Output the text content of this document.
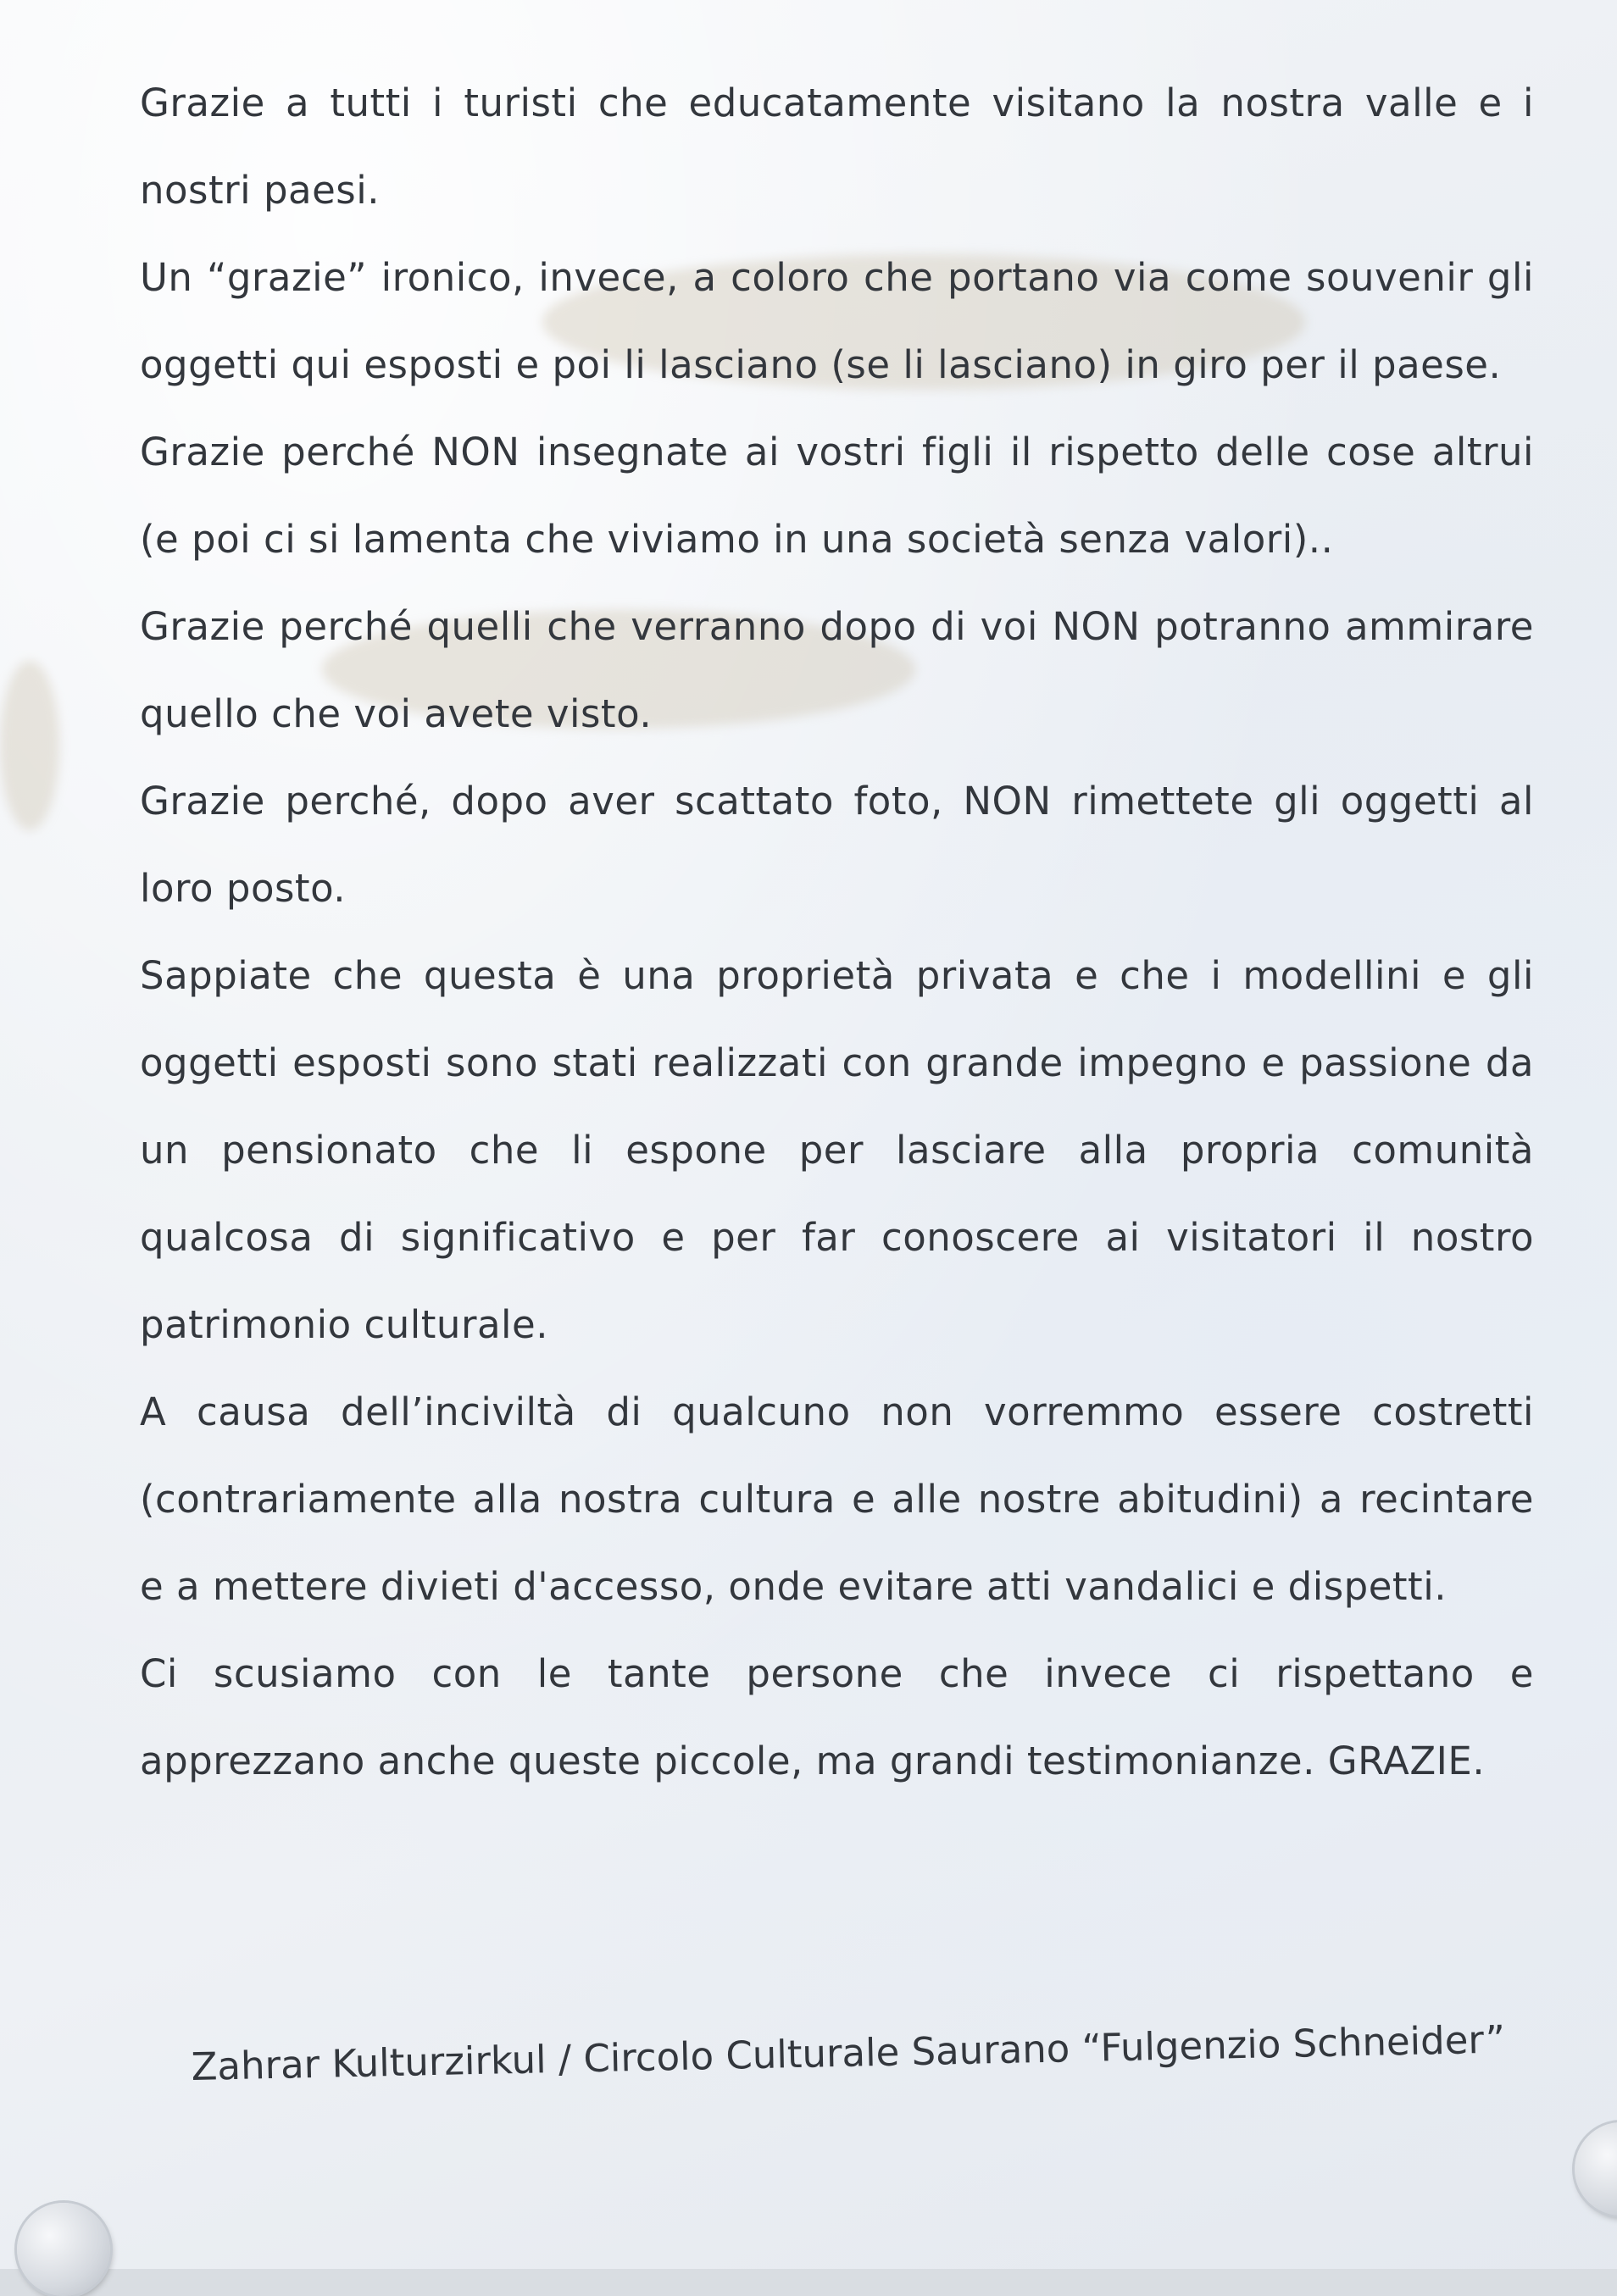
Grazie a tutti i turisti che educatamente visitano la nostra valle e i nostri paesi.

Un “grazie” ironico, invece, a coloro che portano via come souvenir gli oggetti qui esposti e poi li lasciano (se li lasciano) in giro per il paese.

Grazie perché NON insegnate ai vostri figli il rispetto delle cose altrui (e poi ci si lamenta che viviamo in una società senza valori)..

Grazie perché quelli che verranno dopo di voi NON potranno ammirare quello che voi avete visto.

Grazie perché, dopo aver scattato foto, NON rimettete gli oggetti al loro posto.

Sappiate che questa è una proprietà privata e che i modellini e gli oggetti esposti sono stati realizzati con grande impegno e passione da un pensionato che li espone per lasciare alla propria comunità qualcosa di significativo e per far conoscere ai visitatori il nostro patrimonio culturale.

A causa dell’inciviltà di qualcuno non vorremmo essere costretti (contrariamente alla nostra cultura e alle nostre abitudini) a recintare e a mettere divieti d'accesso, onde evitare atti vandalici e dispetti.

Ci scusiamo con le tante persone che invece ci rispettano e apprezzano anche queste piccole, ma grandi testimonianze. GRAZIE.

Zahrar Kulturzirkul / Circolo Culturale Saurano “Fulgenzio Schneider”
